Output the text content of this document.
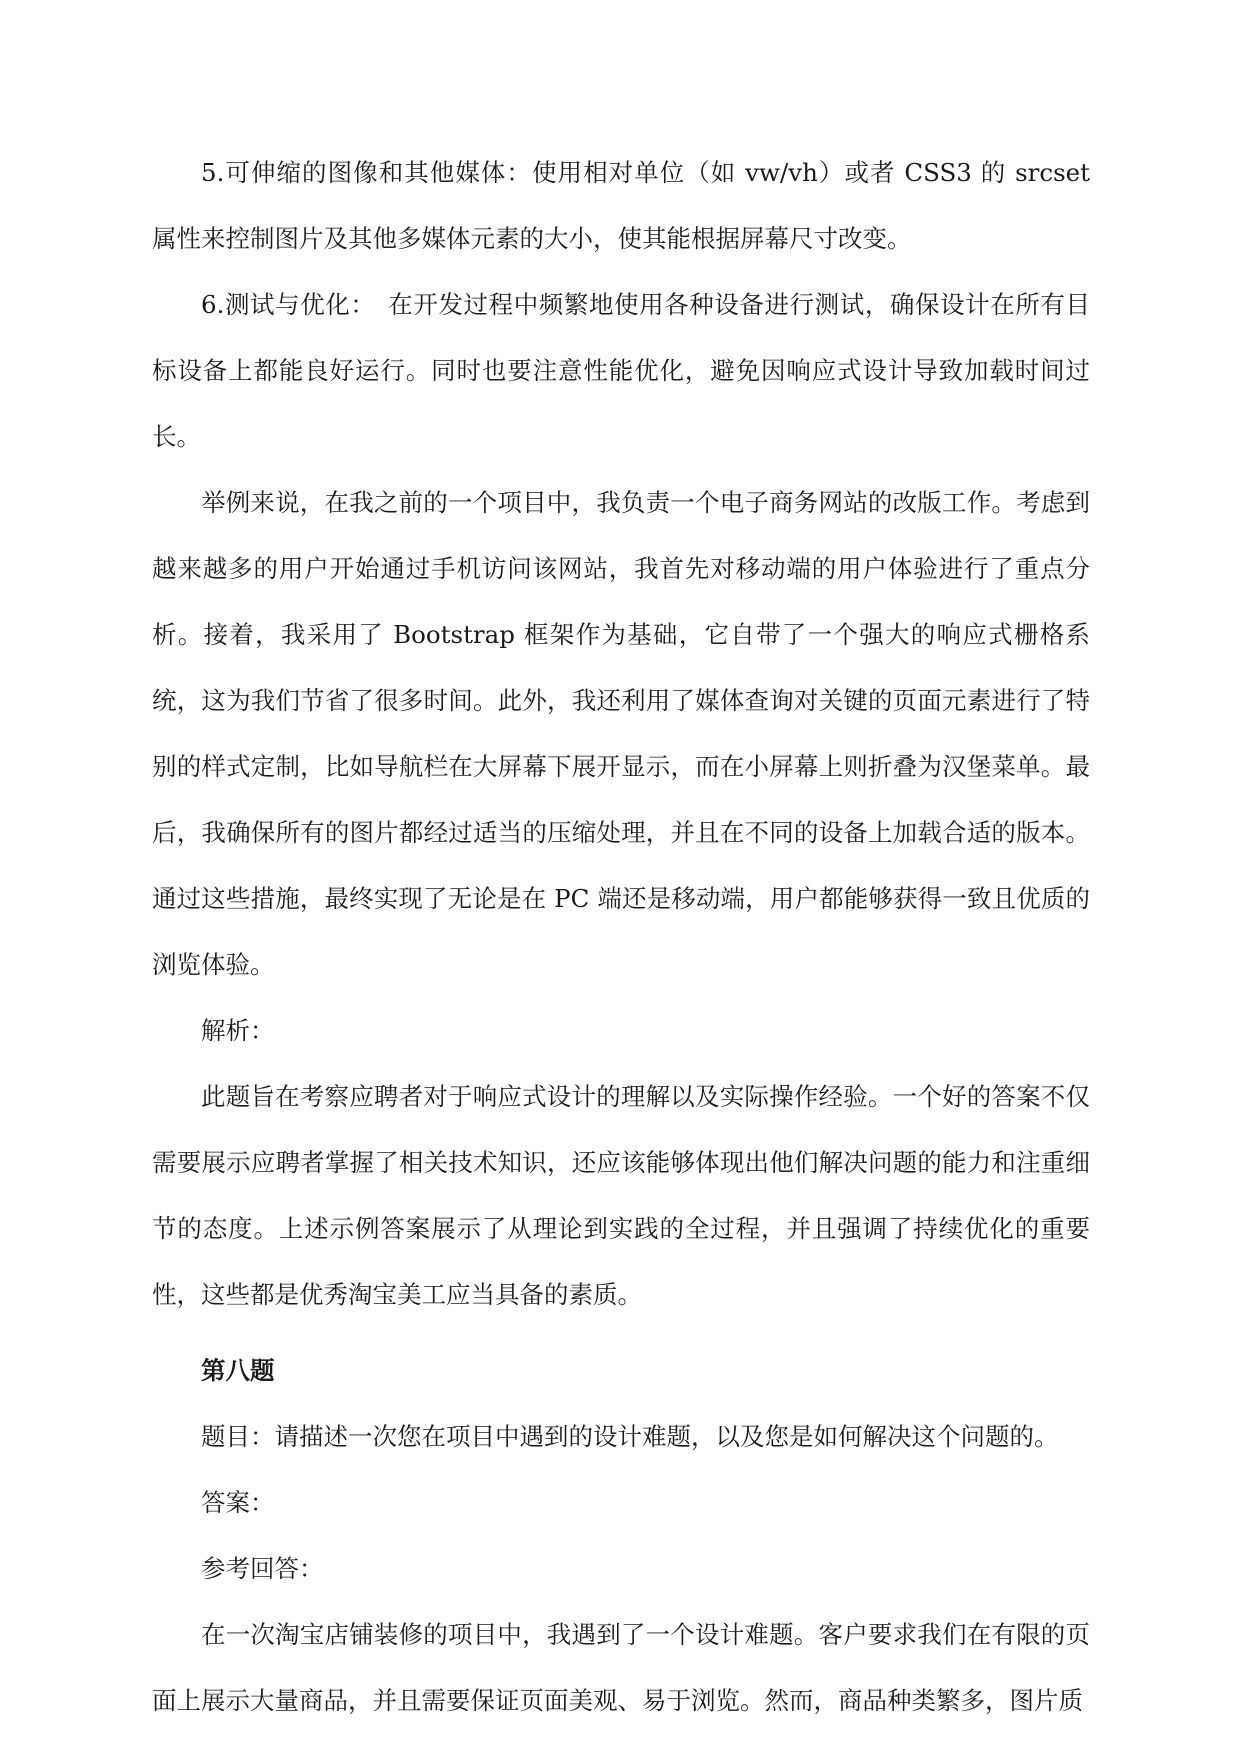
5.可伸缩的图像和其他媒体：使用相对单位（如 vw/vh）或者 CSS3 的 srcset 属性来控制图片及其他多媒体元素的大小，使其能根据屏幕尺寸改变。

6.测试与优化：　在开发过程中频繁地使用各种设备进行测试，确保设计在所有目标设备上都能良好运行。同时也要注意性能优化，避免因响应式设计导致加载时间过长。

举例来说，在我之前的一个项目中，我负责一个电子商务网站的改版工作。考虑到越来越多的用户开始通过手机访问该网站，我首先对移动端的用户体验进行了重点分析。接着，我采用了 Bootstrap 框架作为基础，它自带了一个强大的响应式栅格系统，这为我们节省了很多时间。此外，我还利用了媒体查询对关键的页面元素进行了特别的样式定制，比如导航栏在大屏幕下展开显示，而在小屏幕上则折叠为汉堡菜单。最后，我确保所有的图片都经过适当的压缩处理，并且在不同的设备上加载合适的版本。通过这些措施，最终实现了无论是在 PC 端还是移动端，用户都能够获得一致且优质的浏览体验。

解析：

此题旨在考察应聘者对于响应式设计的理解以及实际操作经验。一个好的答案不仅需要展示应聘者掌握了相关技术知识，还应该能够体现出他们解决问题的能力和注重细节的态度。上述示例答案展示了从理论到实践的全过程，并且强调了持续优化的重要性，这些都是优秀淘宝美工应当具备的素质。

第八题

题目：请描述一次您在项目中遇到的设计难题，以及您是如何解决这个问题的。

答案：

参考回答：

在一次淘宝店铺装修的项目中，我遇到了一个设计难题。客户要求我们在有限的页面上展示大量商品，并且需要保证页面美观、易于浏览。然而，商品种类繁多，图片质
